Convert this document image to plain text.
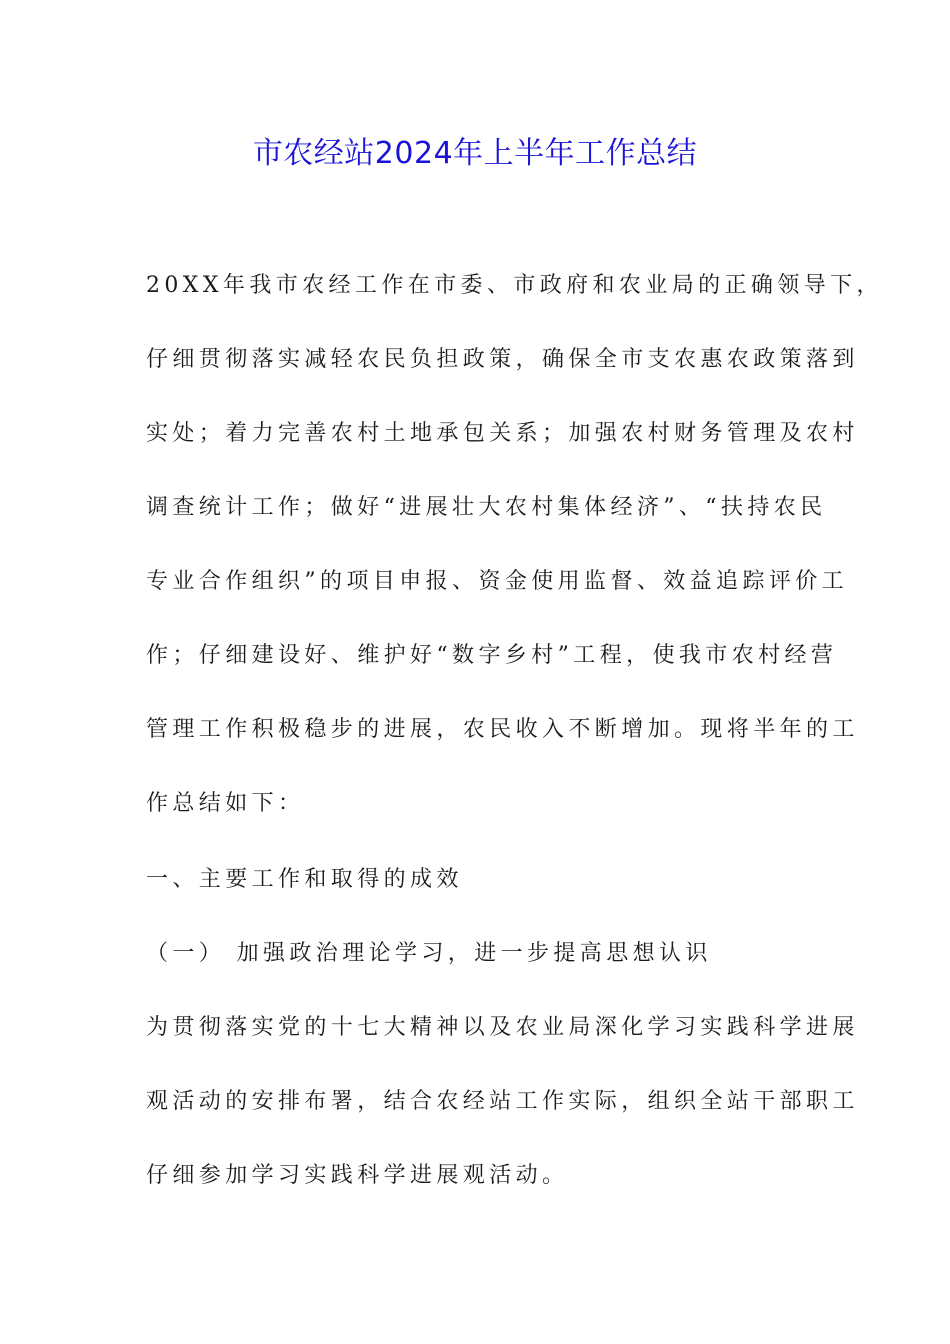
市农经站2024年上半年工作总结
20XX年我市农经工作在市委、市政府和农业局的正确领导下，
仔细贯彻落实减轻农民负担政策，确保全市支农惠农政策落到
实处；着力完善农村土地承包关系；加强农村财务管理及农村
调查统计工作；做好“进展壮大农村集体经济”、“扶持农民
专业合作组织”的项目申报、资金使用监督、效益追踪评价工
作；仔细建设好、维护好“数字乡村”工程，使我市农村经营
管理工作积极稳步的进展，农民收入不断增加。现将半年的工
作总结如下：
一、主要工作和取得的成效
（一） 加强政治理论学习，进一步提高思想认识
为贯彻落实党的十七大精神以及农业局深化学习实践科学进展
观活动的安排布署，结合农经站工作实际，组织全站干部职工
仔细参加学习实践科学进展观活动。
